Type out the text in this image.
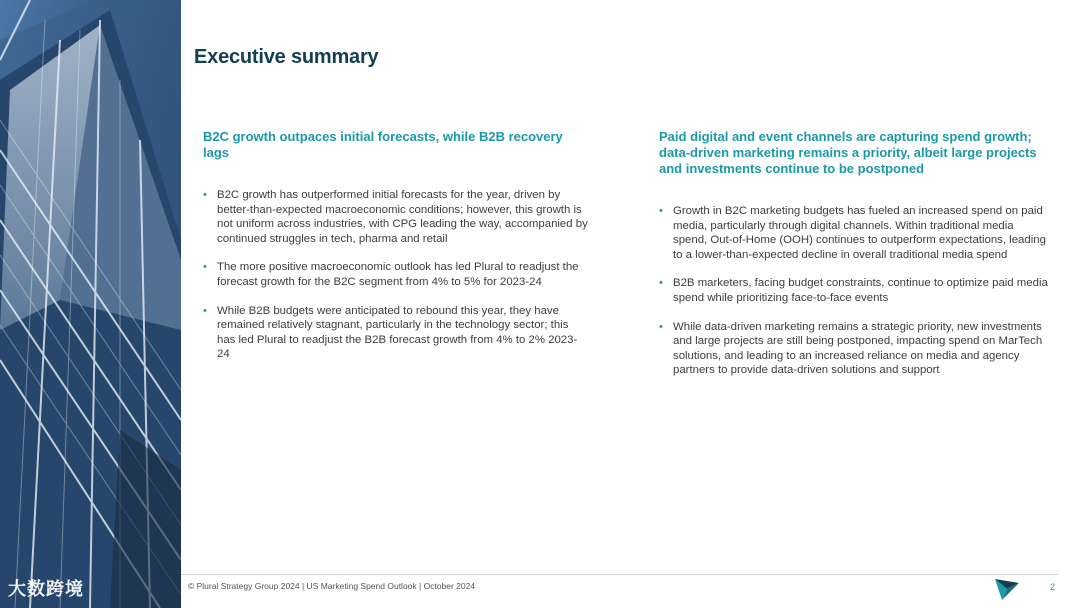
Executive summary
B2C growth outpaces initial forecasts, while B2B recovery lags
• B2C growth has outperformed initial forecasts for the year, driven by better-than-expected macroeconomic conditions; however, this growth is not uniform across industries, with CPG leading the way, accompanied by continued struggles in tech, pharma and retail
• The more positive macroeconomic outlook has led Plural to readjust the forecast growth for the B2C segment from 4% to 5% for 2023-24
• While B2B budgets were anticipated to rebound this year, they have remained relatively stagnant, particularly in the technology sector; this has led Plural to readjust the B2B forecast growth from 4% to 2% 2023-24
Paid digital and event channels are capturing spend growth; data-driven marketing remains a priority, albeit large projects and investments continue to be postponed
• Growth in B2C marketing budgets has fueled an increased spend on paid media, particularly through digital channels. Within traditional media spend, Out-of-Home (OOH) continues to outperform expectations, leading to a lower-than-expected decline in overall traditional media spend
• B2B marketers, facing budget constraints, continue to optimize paid media spend while prioritizing face-to-face events
• While data-driven marketing remains a strategic priority, new investments and large projects are still being postponed, impacting spend on MarTech solutions, and leading to an increased reliance on media and agency partners to provide data-driven solutions and support
© Plural Strategy Group 2024 | US Marketing Spend Outlook | October 2024
大数跨境	2
